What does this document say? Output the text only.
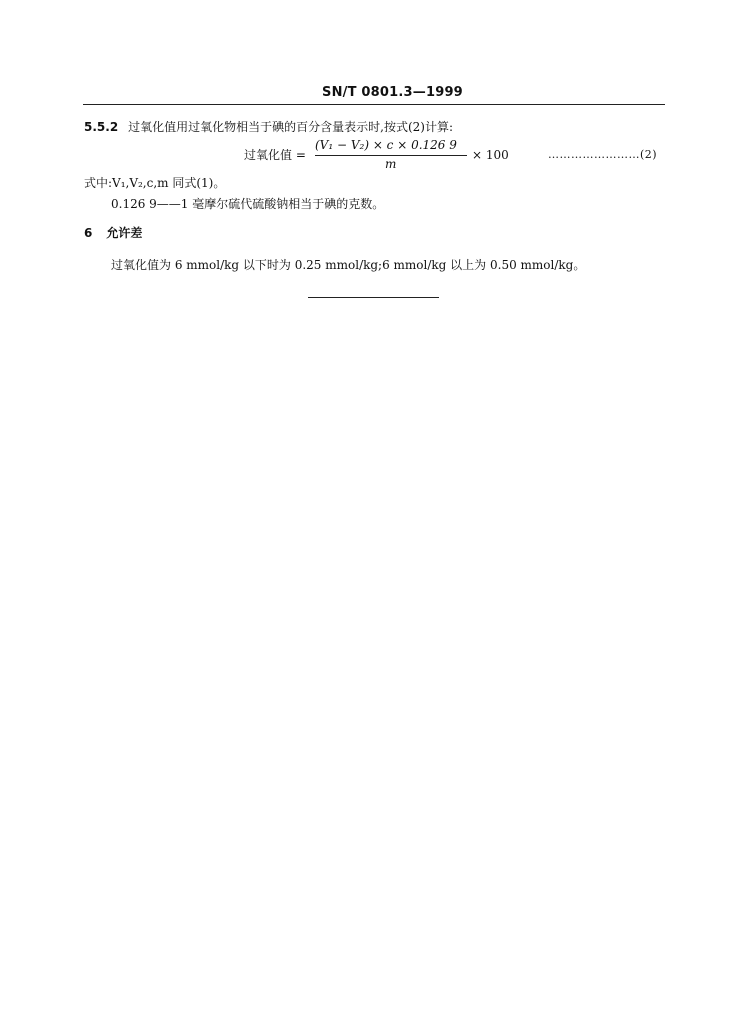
SN/T 0801.3—1999
5.5.2 过氧化值用过氧化物相当于碘的百分含量表示时,按式(2)计算:
过氧化值 =
(V₁ − V₂) × c × 0.126 9
m
× 100	……………………(2)
式中:V₁,V₂,c,m 同式(1)。
0.126 9——1 毫摩尔硫代硫酸钠相当于碘的克数。
6 允许差
过氧化值为 6 mmol/kg 以下时为 0.25 mmol/kg;6 mmol/kg 以上为 0.50 mmol/kg。
